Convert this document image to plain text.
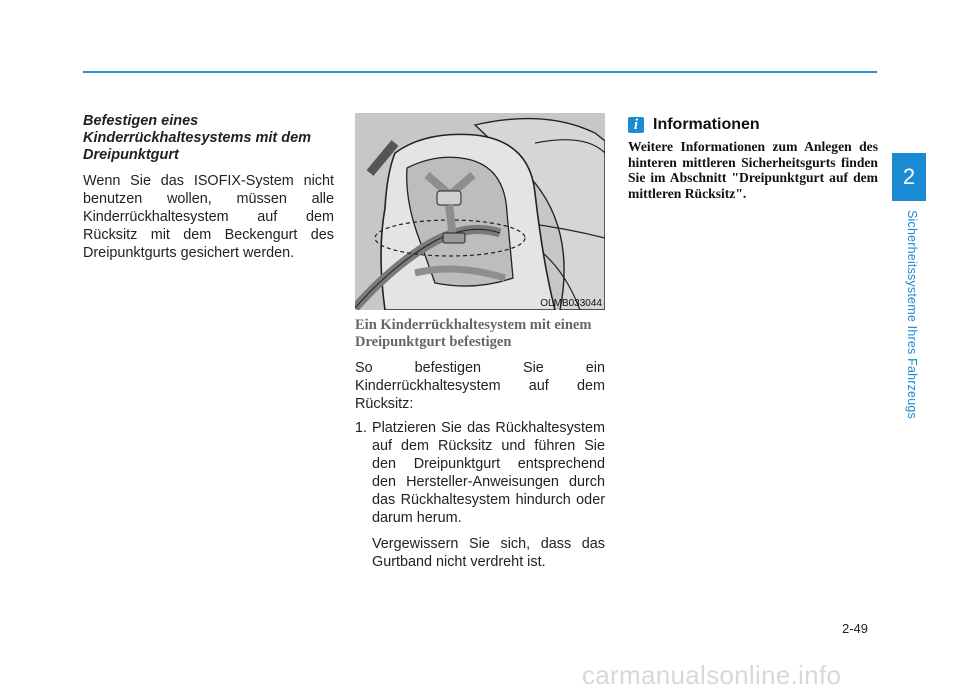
2
Sicherheitssysteme Ihres Fahrzeugs
Befestigen eines Kinderrückhaltesystems mit dem Dreipunktgurt

Wenn Sie das ISOFIX-System nicht benutzen wollen, müssen alle Kinderrückhaltesystem auf dem Rücksitz mit dem Beckengurt des Dreipunktgurts gesichert werden.

OLMB033044
Ein Kinderrückhaltesystem mit einem Dreipunktgurt befestigen

So befestigen Sie ein Kinderrückhaltesystem auf dem Rücksitz:

1. Platzieren Sie das Rückhaltesystem auf dem Rücksitz und führen Sie den Dreipunktgurt entsprechend den Hersteller-Anweisungen durch das Rückhaltesystem hindurch oder darum herum.
Vergewissern Sie sich, dass das Gurtband nicht verdreht ist.
i Informationen

Weitere Informationen zum Anlegen des hinteren mittleren Sicherheitsgurts finden Sie im Abschnitt "Dreipunktgurt auf dem mittleren Rücksitz".

2-49
carmanualsonline.info
